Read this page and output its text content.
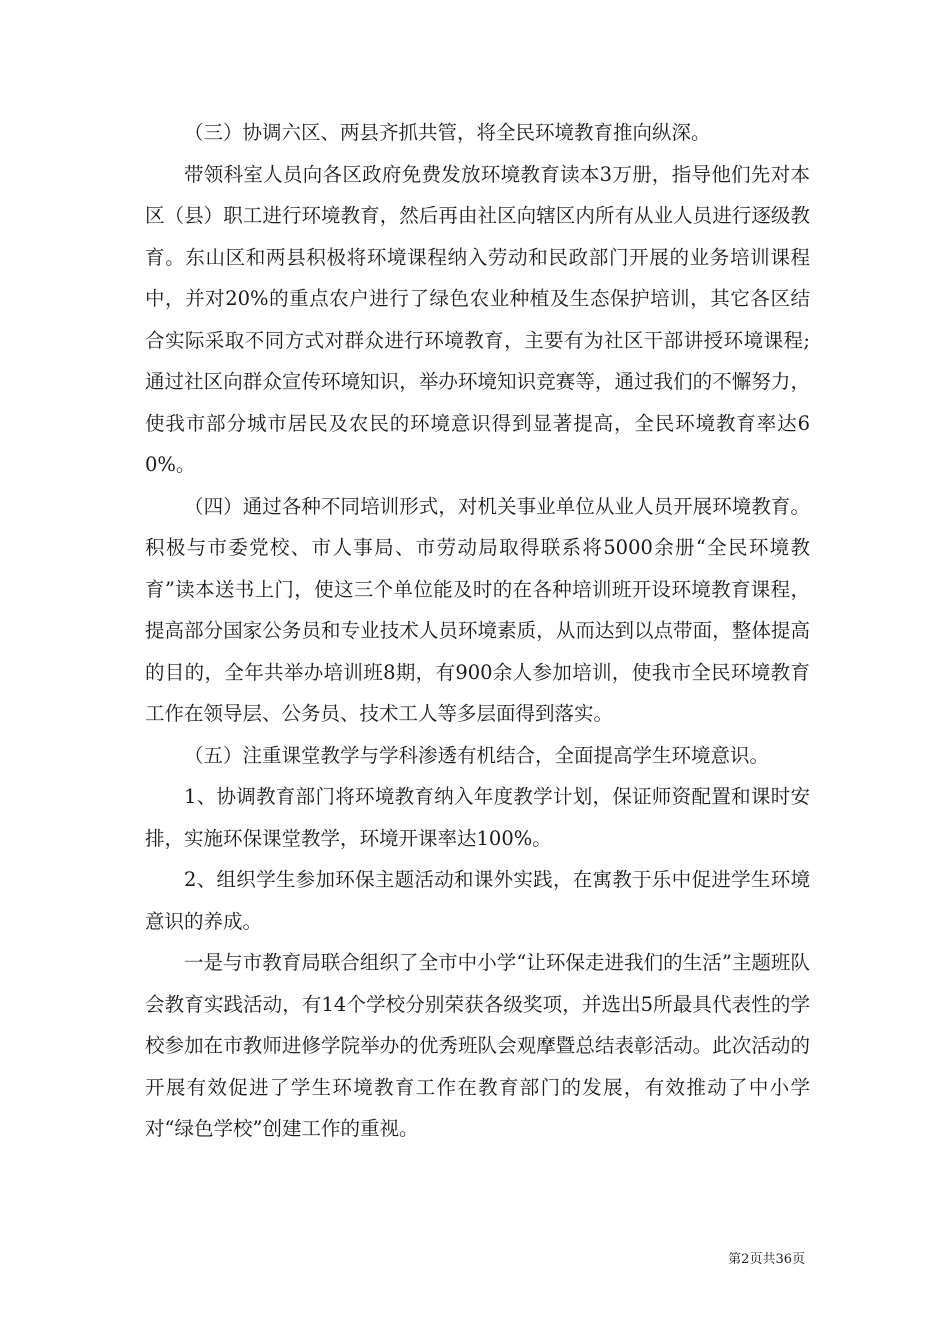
（三）协调六区、两县齐抓共管，将全民环境教育推向纵深。

带领科室人员向各区政府免费发放环境教育读本3万册，指导他们先对本区（县）职工进行环境教育，然后再由社区向辖区内所有从业人员进行逐级教育。东山区和两县积极将环境课程纳入劳动和民政部门开展的业务培训课程中，并对20%的重点农户进行了绿色农业种植及生态保护培训，其它各区结合实际采取不同方式对群众进行环境教育，主要有为社区干部讲授环境课程;通过社区向群众宣传环境知识，举办环境知识竞赛等，通过我们的不懈努力，使我市部分城市居民及农民的环境意识得到显著提高，全民环境教育率达60%。

（四）通过各种不同培训形式，对机关事业单位从业人员开展环境教育。积极与市委党校、市人事局、市劳动局取得联系将5000余册“全民环境教育”读本送书上门，使这三个单位能及时的在各种培训班开设环境教育课程，提高部分国家公务员和专业技术人员环境素质，从而达到以点带面，整体提高的目的，全年共举办培训班8期，有900余人参加培训，使我市全民环境教育工作在领导层、公务员、技术工人等多层面得到落实。

（五）注重课堂教学与学科渗透有机结合，全面提高学生环境意识。

1、协调教育部门将环境教育纳入年度教学计划，保证师资配置和课时安排，实施环保课堂教学，环境开课率达100%。

2、组织学生参加环保主题活动和课外实践，在寓教于乐中促进学生环境意识的养成。

一是与市教育局联合组织了全市中小学“让环保走进我们的生活”主题班队会教育实践活动，有14个学校分别荣获各级奖项，并选出5所最具代表性的学校参加在市教师进修学院举办的优秀班队会观摩暨总结表彰活动。此次活动的开展有效促进了学生环境教育工作在教育部门的发展，有效推动了中小学对“绿色学校”创建工作的重视。

第2页共36页
